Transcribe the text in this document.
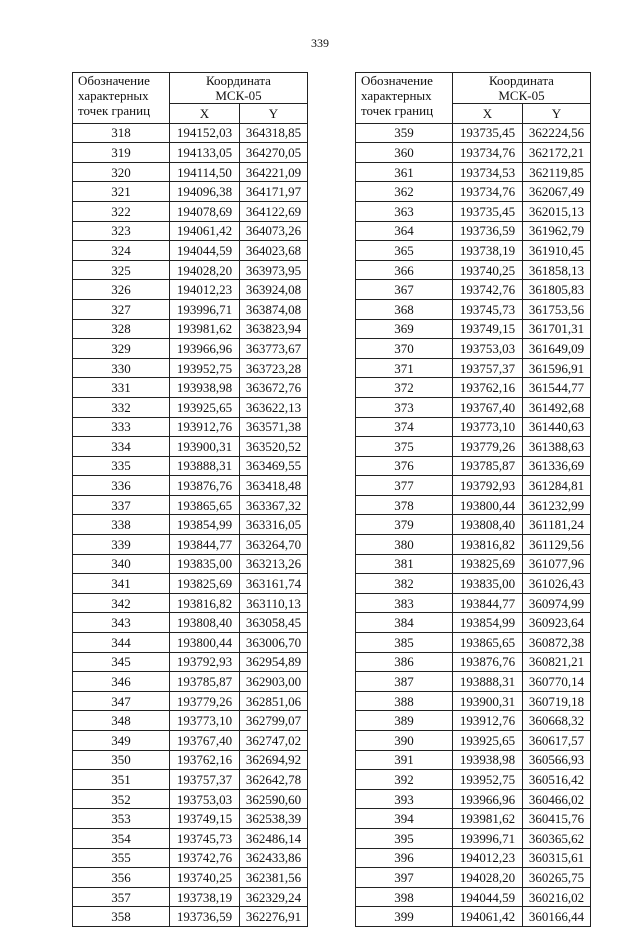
339
Обозначение
характерных
точек границ	Координата
МСК-05	
	X	Y
318	194152,03	364318,85
319	194133,05	364270,05
320	194114,50	364221,09
321	194096,38	364171,97
322	194078,69	364122,69
323	194061,42	364073,26
324	194044,59	364023,68
325	194028,20	363973,95
326	194012,23	363924,08
327	193996,71	363874,08
328	193981,62	363823,94
329	193966,96	363773,67
330	193952,75	363723,28
331	193938,98	363672,76
332	193925,65	363622,13
333	193912,76	363571,38
334	193900,31	363520,52
335	193888,31	363469,55
336	193876,76	363418,48
337	193865,65	363367,32
338	193854,99	363316,05
339	193844,77	363264,70
340	193835,00	363213,26
341	193825,69	363161,74
342	193816,82	363110,13
343	193808,40	363058,45
344	193800,44	363006,70
345	193792,93	362954,89
346	193785,87	362903,00
347	193779,26	362851,06
348	193773,10	362799,07
349	193767,40	362747,02
350	193762,16	362694,92
351	193757,37	362642,78
352	193753,03	362590,60
353	193749,15	362538,39
354	193745,73	362486,14
355	193742,76	362433,86
356	193740,25	362381,56
357	193738,19	362329,24
358	193736,59	362276,91
Обозначение
характерных
точек границ	Координата
МСК-05	
	X	Y
359	193735,45	362224,56
360	193734,76	362172,21
361	193734,53	362119,85
362	193734,76	362067,49
363	193735,45	362015,13
364	193736,59	361962,79
365	193738,19	361910,45
366	193740,25	361858,13
367	193742,76	361805,83
368	193745,73	361753,56
369	193749,15	361701,31
370	193753,03	361649,09
371	193757,37	361596,91
372	193762,16	361544,77
373	193767,40	361492,68
374	193773,10	361440,63
375	193779,26	361388,63
376	193785,87	361336,69
377	193792,93	361284,81
378	193800,44	361232,99
379	193808,40	361181,24
380	193816,82	361129,56
381	193825,69	361077,96
382	193835,00	361026,43
383	193844,77	360974,99
384	193854,99	360923,64
385	193865,65	360872,38
386	193876,76	360821,21
387	193888,31	360770,14
388	193900,31	360719,18
389	193912,76	360668,32
390	193925,65	360617,57
391	193938,98	360566,93
392	193952,75	360516,42
393	193966,96	360466,02
394	193981,62	360415,76
395	193996,71	360365,62
396	194012,23	360315,61
397	194028,20	360265,75
398	194044,59	360216,02
399	194061,42	360166,44
